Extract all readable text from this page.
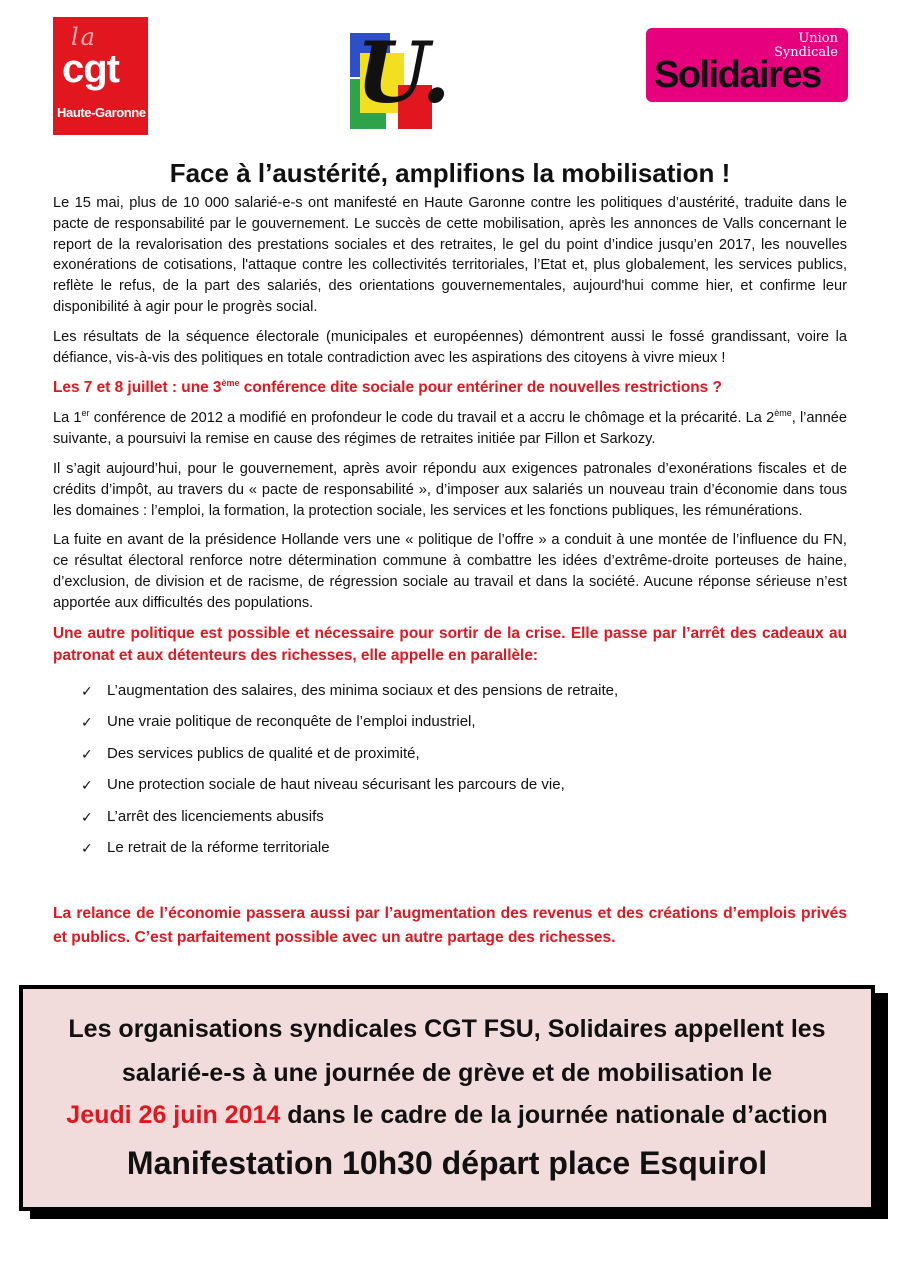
la
cgt
Haute-Garonne	U.	Union
Syndicale
Solidaires
Face à l’austérité, amplifions la mobilisation !

Le 15 mai, plus de 10 000 salarié-e-s ont manifesté en Haute Garonne contre les politiques d’austérité, traduite dans le pacte de responsabilité par le gouvernement. Le succès de cette mobilisation, après les annonces de Valls concernant le report de la revalorisation des prestations sociales et des retraites, le gel du point d’indice jusqu’en 2017, les nouvelles exonérations de cotisations, l'attaque contre les collectivités territoriales, l’Etat et, plus globalement, les services publics, reflète le refus, de la part des salariés, des orientations gouvernementales, aujourd'hui comme hier, et confirme leur disponibilité à agir pour le progrès social.

Les résultats de la séquence électorale (municipales et européennes) démontrent aussi le fossé grandissant, voire la défiance, vis-à-vis des politiques en totale contradiction avec les aspirations des citoyens à vivre mieux !

Les 7 et 8 juillet : une 3ème conférence dite sociale pour entériner de nouvelles restrictions ?

La 1er conférence de 2012 a modifié en profondeur le code du travail et a accru le chômage et la précarité. La 2ème, l’année suivante, a poursuivi la remise en cause des régimes de retraites initiée par Fillon et Sarkozy.

Il s’agit aujourd’hui, pour le gouvernement, après avoir répondu aux exigences patronales d’exonérations fiscales et de crédits d’impôt, au travers du « pacte de responsabilité », d’imposer aux salariés un nouveau train d’économie dans tous les domaines : l’emploi, la formation, la protection sociale, les services et les fonctions publiques, les rémunérations.

La fuite en avant de la présidence Hollande vers une « politique de l’offre » a conduit à une montée de l’influence du FN, ce résultat électoral renforce notre détermination commune à combattre les idées d’extrême-droite porteuses de haine, d’exclusion, de division et de racisme, de régression sociale au travail et dans la société. Aucune réponse sérieuse n’est apportée aux difficultés des populations.

Une autre politique est possible et nécessaire pour sortir de la crise. Elle passe par l’arrêt des cadeaux au patronat et aux détenteurs des richesses, elle appelle en parallèle:

✓ L’augmentation des salaires, des minima sociaux et des pensions de retraite,
✓ Une vraie politique de reconquête de l’emploi industriel,
✓ Des services publics de qualité et de proximité,
✓ Une protection sociale de haut niveau sécurisant les parcours de vie,
✓ L’arrêt des licenciements abusifs
✓ Le retrait de la réforme territoriale

La relance de l’économie passera aussi par l’augmentation des revenus et des créations d’emplois privés et publics. C’est parfaitement possible avec un autre partage des richesses.

Les organisations syndicales CGT FSU, Solidaires appellent les
salarié-e-s à une journée de grève et de mobilisation le
Jeudi 26 juin 2014 dans le cadre de la journée nationale d’action
Manifestation 10h30 départ place Esquirol
